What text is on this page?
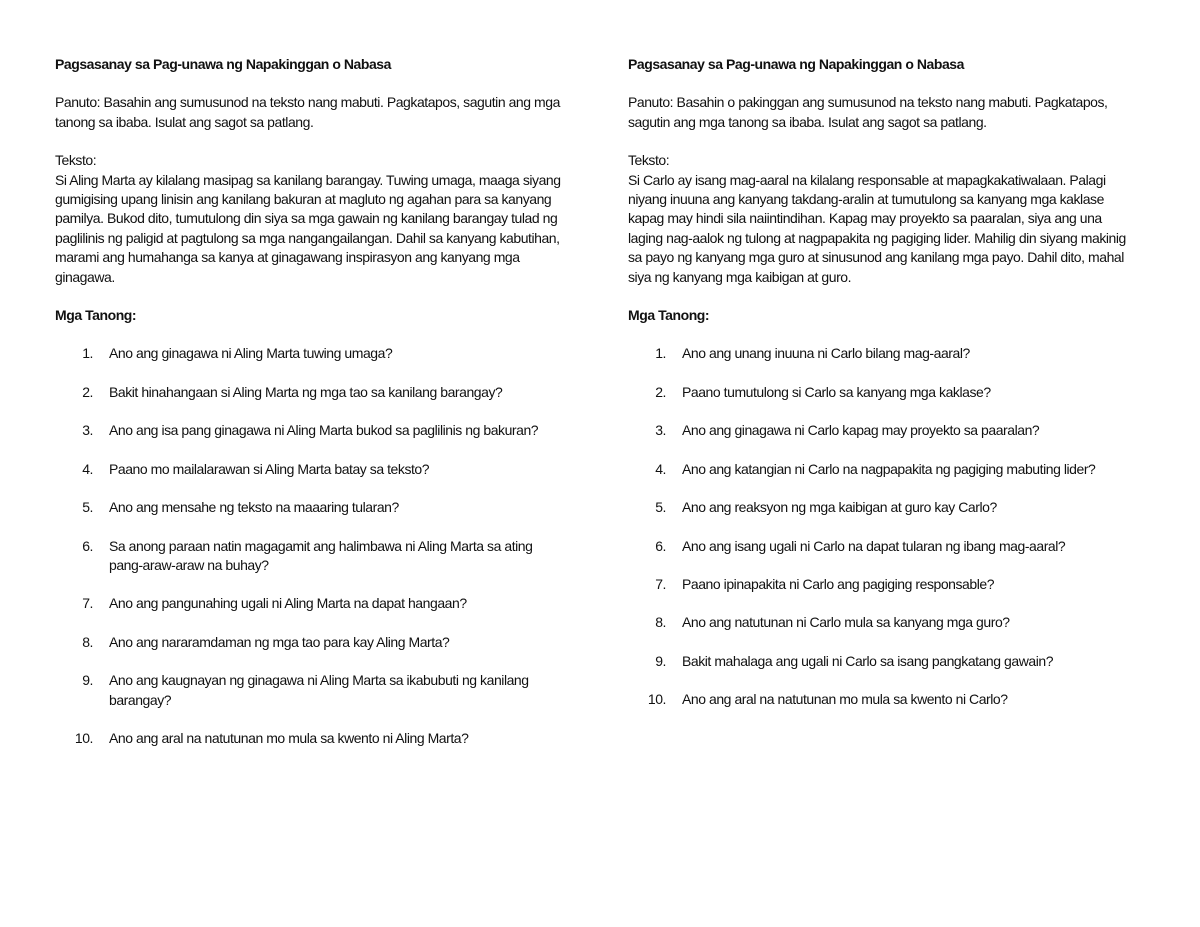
Pagsasanay sa Pag-unawa ng Napakinggan o Nabasa
Panuto: Basahin ang sumusunod na teksto nang mabuti. Pagkatapos, sagutin ang mga tanong sa ibaba. Isulat ang sagot sa patlang.
Teksto:
Si Aling Marta ay kilalang masipag sa kanilang barangay. Tuwing umaga, maaga siyang gumigising upang linisin ang kanilang bakuran at magluto ng agahan para sa kanyang pamilya. Bukod dito, tumutulong din siya sa mga gawain ng kanilang barangay tulad ng paglilinis ng paligid at pagtulong sa mga nangangailangan. Dahil sa kanyang kabutihan, marami ang humahanga sa kanya at ginagawang inspirasyon ang kanyang mga ginagawa.
Mga Tanong:
1.	Ano ang ginagawa ni Aling Marta tuwing umaga?
2.	Bakit hinahangaan si Aling Marta ng mga tao sa kanilang barangay?
3.	Ano ang isa pang ginagawa ni Aling Marta bukod sa paglilinis ng bakuran?
4.	Paano mo mailalarawan si Aling Marta batay sa teksto?
5.	Ano ang mensahe ng teksto na maaaring tularan?
6.	Sa anong paraan natin magagamit ang halimbawa ni Aling Marta sa ating pang-araw-araw na buhay?
7.	Ano ang pangunahing ugali ni Aling Marta na dapat hangaan?
8.	Ano ang nararamdaman ng mga tao para kay Aling Marta?
9.	Ano ang kaugnayan ng ginagawa ni Aling Marta sa ikabubuti ng kanilang barangay?
10.	Ano ang aral na natutunan mo mula sa kwento ni Aling Marta?
Pagsasanay sa Pag-unawa ng Napakinggan o Nabasa
Panuto: Basahin o pakinggan ang sumusunod na teksto nang mabuti. Pagkatapos, sagutin ang mga tanong sa ibaba. Isulat ang sagot sa patlang.
Teksto:
Si Carlo ay isang mag-aaral na kilalang responsable at mapagkakatiwalaan. Palagi niyang inuuna ang kanyang takdang-aralin at tumutulong sa kanyang mga kaklase kapag may hindi sila naiintindihan. Kapag may proyekto sa paaralan, siya ang una laging nag-aalok ng tulong at nagpapakita ng pagiging lider. Mahilig din siyang makinig sa payo ng kanyang mga guro at sinusunod ang kanilang mga payo. Dahil dito, mahal siya ng kanyang mga kaibigan at guro.
Mga Tanong:
1.	Ano ang unang inuuna ni Carlo bilang mag-aaral?
2.	Paano tumutulong si Carlo sa kanyang mga kaklase?
3.	Ano ang ginagawa ni Carlo kapag may proyekto sa paaralan?
4.	Ano ang katangian ni Carlo na nagpapakita ng pagiging mabuting lider?
5.	Ano ang reaksyon ng mga kaibigan at guro kay Carlo?
6.	Ano ang isang ugali ni Carlo na dapat tularan ng ibang mag-aaral?
7.	Paano ipinapakita ni Carlo ang pagiging responsable?
8.	Ano ang natutunan ni Carlo mula sa kanyang mga guro?
9.	Bakit mahalaga ang ugali ni Carlo sa isang pangkatang gawain?
10.	Ano ang aral na natutunan mo mula sa kwento ni Carlo?
